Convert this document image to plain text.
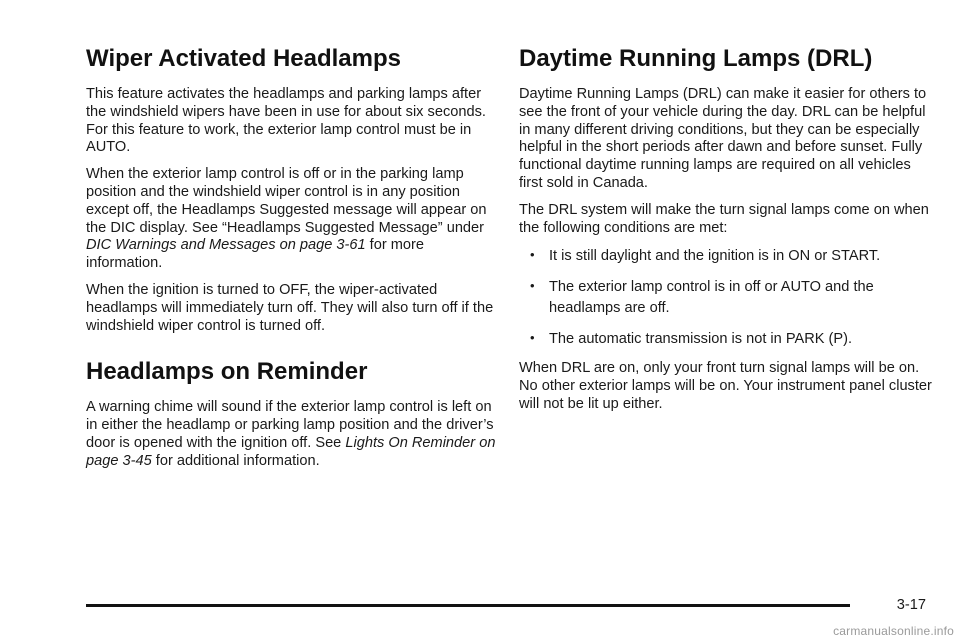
Wiper Activated Headlamps

This feature activates the headlamps and parking lamps after the windshield wipers have been in use for about six seconds. For this feature to work, the exterior lamp control must be in AUTO.

When the exterior lamp control is off or in the parking lamp position and the windshield wiper control is in any position except off, the Headlamps Suggested message will appear on the DIC display. See “Headlamps Suggested Message” under DIC Warnings and Messages on page 3-61 for more information.

When the ignition is turned to OFF, the wiper-activated headlamps will immediately turn off. They will also turn off if the windshield wiper control is turned off.

Headlamps on Reminder

A warning chime will sound if the exterior lamp control is left on in either the headlamp or parking lamp position and the driver’s door is opened with the ignition off. See Lights On Reminder on page 3-45 for additional information.

Daytime Running Lamps (DRL)

Daytime Running Lamps (DRL) can make it easier for others to see the front of your vehicle during the day. DRL can be helpful in many different driving conditions, but they can be especially helpful in the short periods after dawn and before sunset. Fully functional daytime running lamps are required on all vehicles first sold in Canada.

The DRL system will make the turn signal lamps come on when the following conditions are met:

• It is still daylight and the ignition is in ON or START.
• The exterior lamp control is in off or AUTO and the headlamps are off.
• The automatic transmission is not in PARK (P).

When DRL are on, only your front turn signal lamps will be on. No other exterior lamps will be on. Your instrument panel cluster will not be lit up either.

3-17
carmanualsonline.info
